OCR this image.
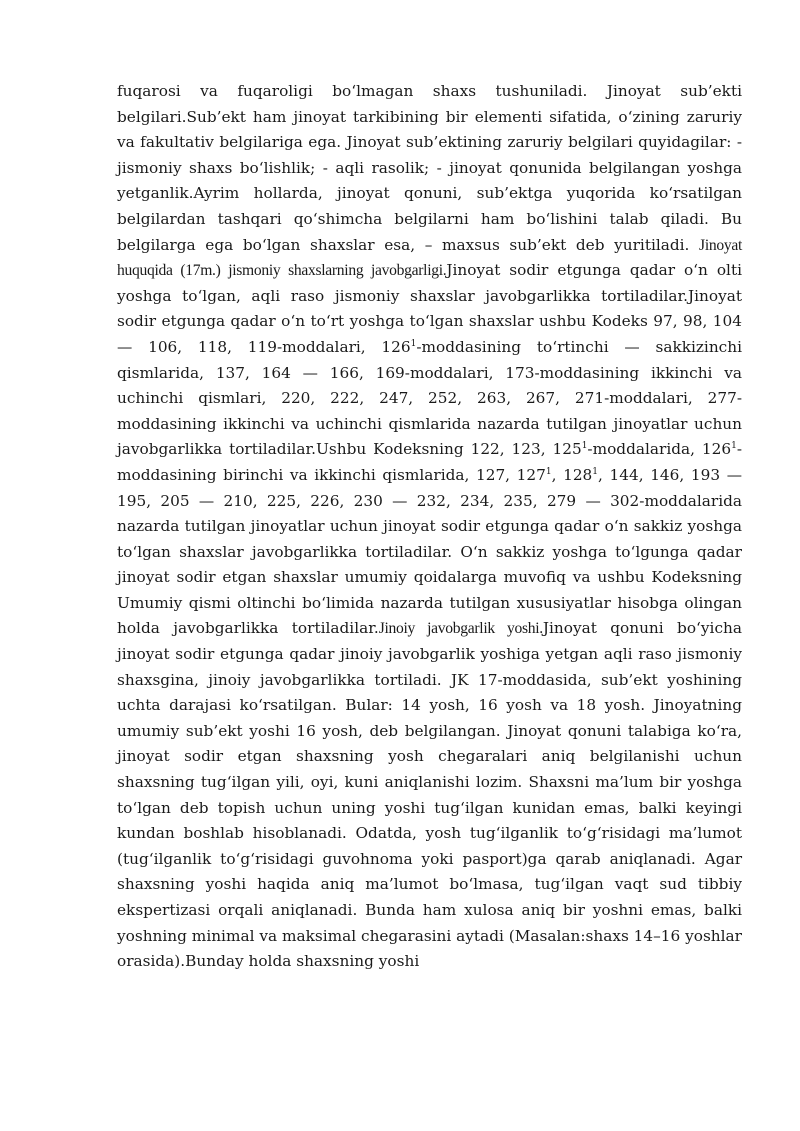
fuqarosi va fuqaroligi bo‘lmagan shaxs tushuniladi. Jinoyat sub’ekti belgilari.Sub’ekt ham jinoyat tarkibining bir elementi sifatida, o‘zining zaruriy va fakultativ belgilariga ega. Jinoyat sub’ektining zaruriy belgilari quyidagilar: - jismoniy shaxs bo‘lishlik; - aqli rasolik; - jinoyat qonunida belgilangan yoshga yetganlik.Ayrim hollarda, jinoyat qonuni, sub’ektga yuqorida ko‘rsatilgan belgilardan tashqari qo‘shimcha belgilarni ham bo‘lishini talab qiladi. Bu belgilarga ega bo‘lgan shaxslar esa, – maxsus sub’ekt deb yuritiladi. Jinoyat huquqida (17m.) jismoniy shaxslarning javobgarligi.Jinoyat sodir etgunga qadar o‘n olti yoshga to‘lgan, aqli raso jismoniy shaxslar javobgarlikka tortiladilar.Jinoyat sodir etgunga qadar o‘n to‘rt yoshga to‘lgan shaxslar ushbu Kodeks 97, 98, 104 — 106, 118, 119-moddalari, $126^1$-moddasining to‘rtinchi — sakkizinchi qismlarida, 137, 164 — 166, 169-moddalari, 173-moddasining ikkinchi va uchinchi qismlari, 220, 222, 247, 252, 263, 267, 271-moddalari, 277-moddasining ikkinchi va uchinchi qismlarida nazarda tutilgan jinoyatlar uchun javobgarlikka tortiladilar.Ushbu Kodeksning 122, 123, $125^1$-moddalarida, $126^1$-moddasining birinchi va ikkinchi qismlarida, 127, $127^1$, $128^1$, 144, 146, 193 — 195, 205 — 210, 225, 226, 230 — 232, 234, 235, 279 — 302-moddalarida nazarda tutilgan jinoyatlar uchun jinoyat sodir etgunga qadar o‘n sakkiz yoshga to‘lgan shaxslar javobgarlikka tortiladilar. O‘n sakkiz yoshga to‘lgunga qadar jinoyat sodir etgan shaxslar umumiy qoidalarga muvofiq va ushbu Kodeksning Umumiy qismi oltinchi bo‘limida nazarda tutilgan xususiyatlar hisobga olingan holda javobgarlikka tortiladilar.Jinoiy javobgarlik yoshi.Jinoyat qonuni bo‘yicha jinoyat sodir etgunga qadar jinoiy javobgarlik yoshiga yetgan aqli raso jismoniy shaxsgina, jinoiy javobgarlikka tortiladi. JK 17-moddasida, sub’ekt yoshining uchta darajasi ko‘rsatilgan. Bular: 14 yosh, 16 yosh va 18 yosh. Jinoyatning umumiy sub’ekt yoshi 16 yosh, deb belgilangan. Jinoyat qonuni talabiga ko‘ra, jinoyat sodir etgan shaxsning yosh chegaralari aniq belgilanishi uchun shaxsning tug‘ilgan yili, oyi, kuni aniqlanishi lozim. Shaxsni ma’lum bir yoshga to‘lgan deb topish uchun uning yoshi tug‘ilgan kunidan emas, balki keyingi kundan boshlab hisoblanadi. Odatda, yosh tug‘ilganlik to‘g‘risidagi ma’lumot (tug‘ilganlik to‘g‘risidagi guvohnoma yoki pasport)ga qarab aniqlanadi. Agar shaxsning yoshi haqida aniq ma’lumot bo‘lmasa, tug‘ilgan vaqt sud tibbiy ekspertizasi orqali aniqlanadi. Bunda ham xulosa aniq bir yoshni emas, balki yoshning minimal va maksimal chegarasini aytadi (Masalan:shaxs 14–16 yoshlar orasida).Bunday holda shaxsning yoshi
